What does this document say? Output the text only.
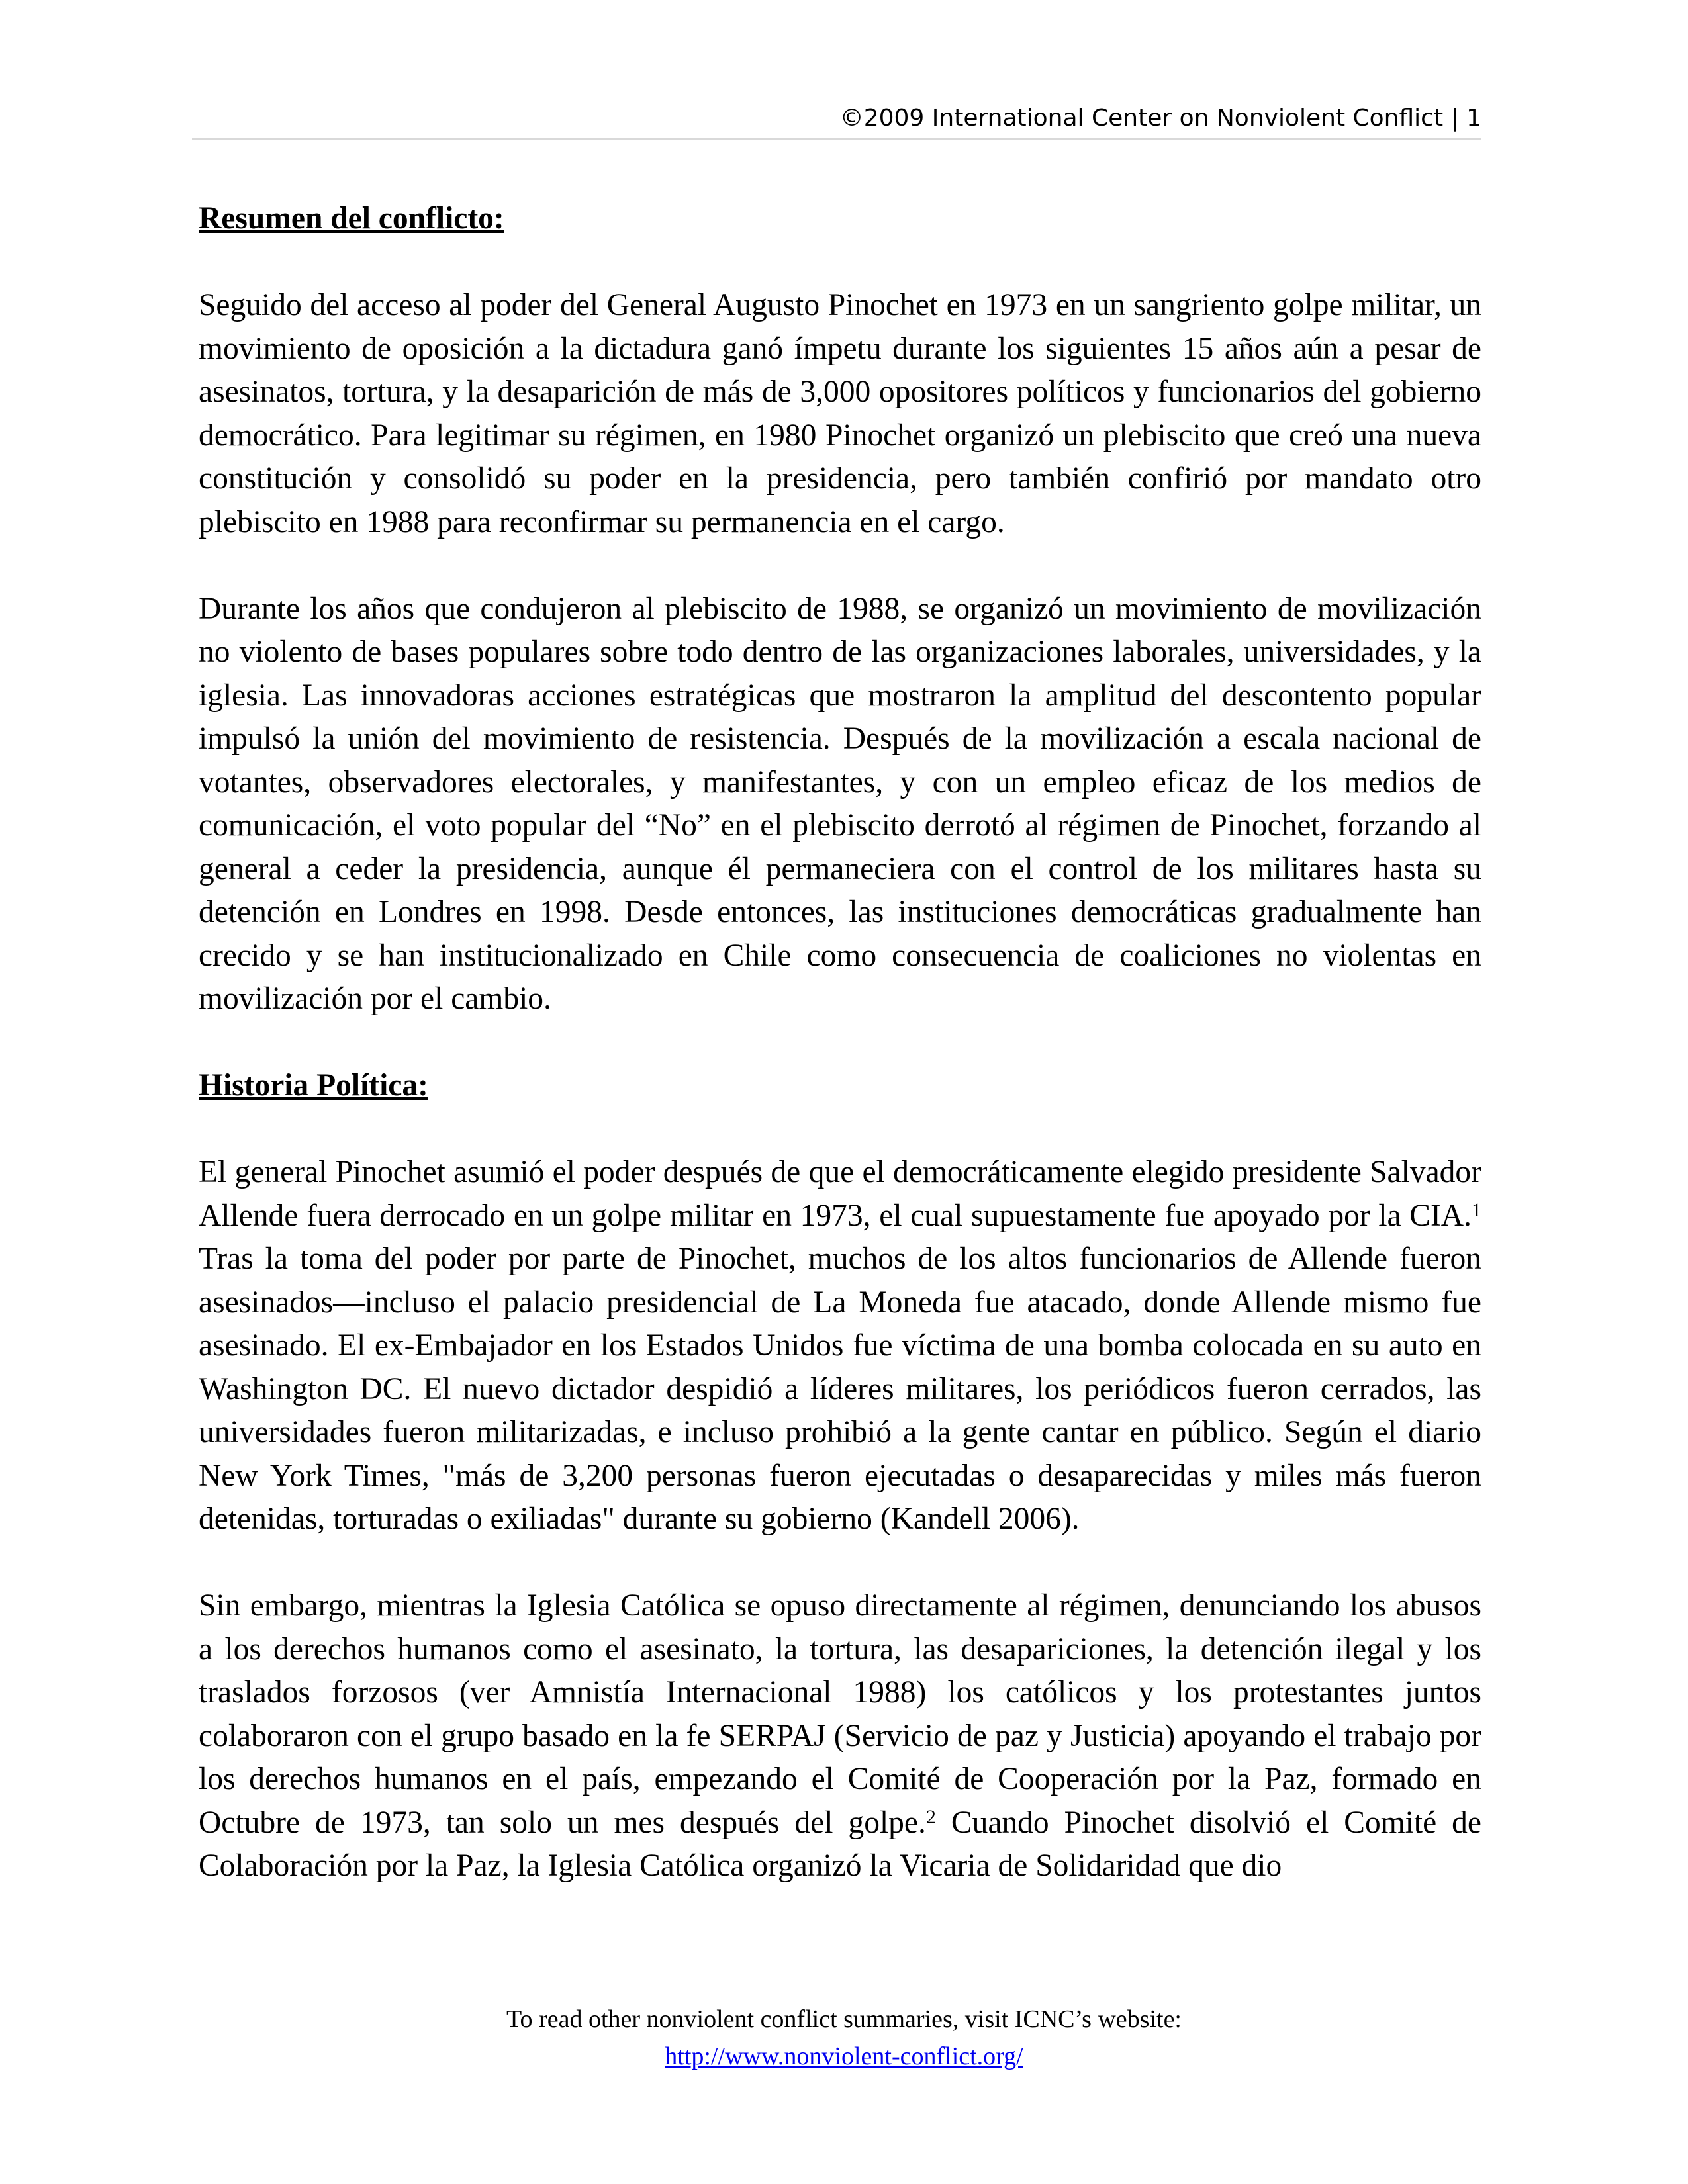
©2009 International Center on Nonviolent Conflict | 1
Resumen del conflicto:

Seguido del acceso al poder del General Augusto Pinochet en 1973 en un sangriento golpe militar, un movimiento de oposición a la dictadura ganó ímpetu durante los siguientes 15 años aún a pesar de asesinatos, tortura, y la desaparición de más de 3,000 opositores políticos y funcionarios del gobierno democrático. Para legitimar su régimen, en 1980 Pinochet organizó un plebiscito que creó una nueva constitución y consolidó su poder en la presidencia, pero también confirió por mandato otro plebiscito en 1988 para reconfirmar su permanencia en el cargo.

Durante los años que condujeron al plebiscito de 1988, se organizó un movimiento de movilización no violento de bases populares sobre todo dentro de las organizaciones laborales, universidades, y la iglesia. Las innovadoras acciones estratégicas que mostraron la amplitud del descontento popular impulsó la unión del movimiento de resistencia. Después de la movilización a escala nacional de votantes, observadores electorales, y manifestantes, y con un empleo eficaz de los medios de comunicación, el voto popular del “No” en el plebiscito derrotó al régimen de Pinochet, forzando al general a ceder la presidencia, aunque él permaneciera con el control de los militares hasta su detención en Londres en 1998. Desde entonces, las instituciones democráticas gradualmente han crecido y se han institucionalizado en Chile como consecuencia de coaliciones no violentas en movilización por el cambio.

Historia Política:

El general Pinochet asumió el poder después de que el democráticamente elegido presidente Salvador Allende fuera derrocado en un golpe militar en 1973, el cual supuestamente fue apoyado por la CIA.$^1$ Tras la toma del poder por parte de Pinochet, muchos de los altos funcionarios de Allende fueron asesinados—incluso el palacio presidencial de La Moneda fue atacado, donde Allende mismo fue asesinado. El ex-Embajador en los Estados Unidos fue víctima de una bomba colocada en su auto en Washington DC. El nuevo dictador despidió a líderes militares, los periódicos fueron cerrados, las universidades fueron militarizadas, e incluso prohibió a la gente cantar en público. Según el diario New York Times, "más de 3,200 personas fueron ejecutadas o desaparecidas y miles más fueron detenidas, torturadas o exiliadas" durante su gobierno (Kandell 2006).

Sin embargo, mientras la Iglesia Católica se opuso directamente al régimen, denunciando los abusos a los derechos humanos como el asesinato, la tortura, las desapariciones, la detención ilegal y los traslados forzosos (ver Amnistía Internacional 1988) los católicos y los protestantes juntos colaboraron con el grupo basado en la fe SERPAJ (Servicio de paz y Justicia) apoyando el trabajo por los derechos humanos en el país, empezando el Comité de Cooperación por la Paz, formado en Octubre de 1973, tan solo un mes después del golpe.$^2$ Cuando Pinochet disolvió el Comité de Colaboración por la Paz, la Iglesia Católica organizó la Vicaria de Solidaridad que dio

To read other nonviolent conflict summaries, visit ICNC’s website:
http://www.nonviolent-conflict.org/
